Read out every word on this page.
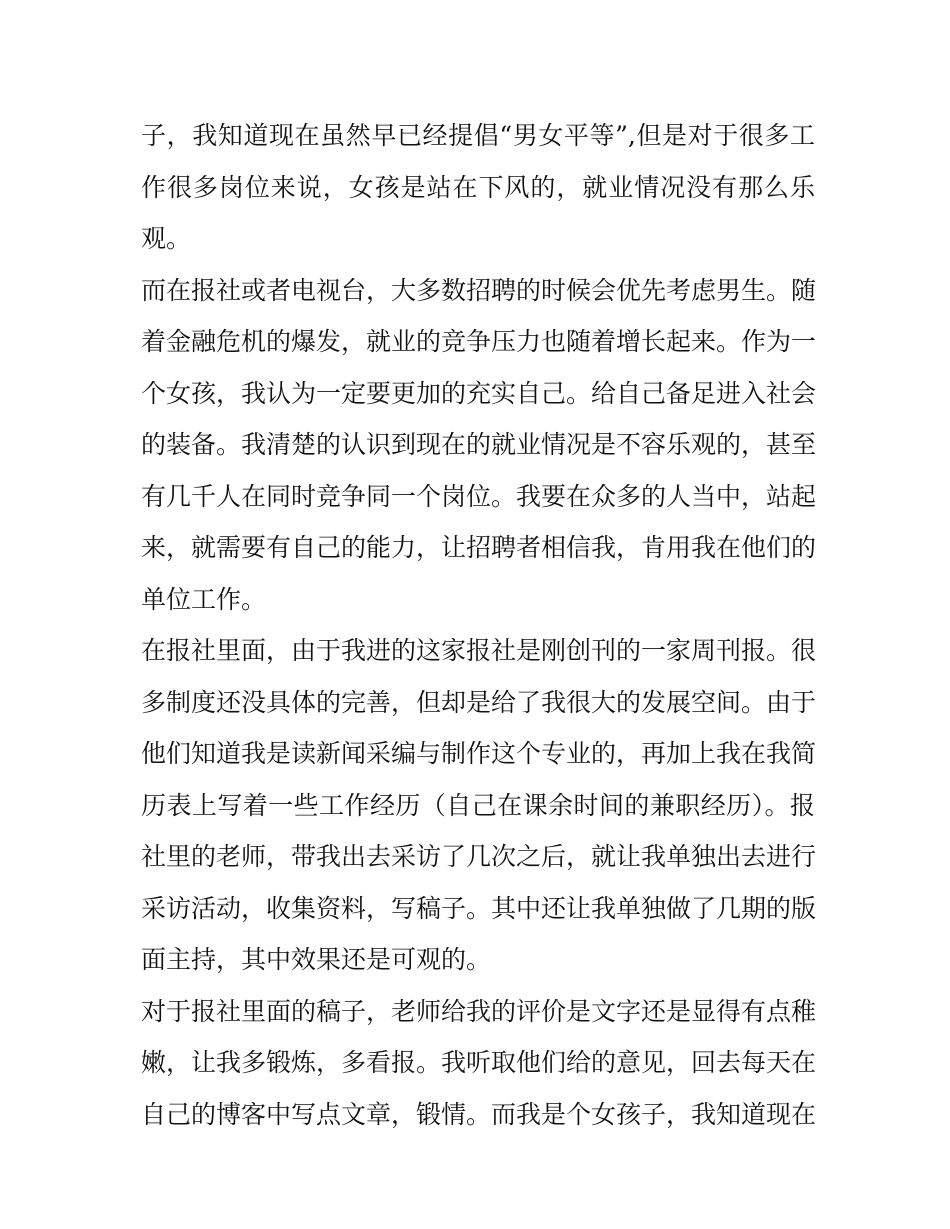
子，我知道现在虽然早已经提倡“男女平等”,但是对于很多工
作很多岗位来说，女孩是站在下风的，就业情况没有那么乐
观。
而在报社或者电视台，大多数招聘的时候会优先考虑男生。随
着金融危机的爆发，就业的竞争压力也随着增长起来。作为一
个女孩，我认为一定要更加的充实自己。给自己备足进入社会
的装备。我清楚的认识到现在的就业情况是不容乐观的，甚至
有几千人在同时竞争同一个岗位。我要在众多的人当中，站起
来，就需要有自己的能力，让招聘者相信我，肯用我在他们的
单位工作。
在报社里面，由于我进的这家报社是刚创刊的一家周刊报。很
多制度还没具体的完善，但却是给了我很大的发展空间。由于
他们知道我是读新闻采编与制作这个专业的，再加上我在我简
历表上写着一些工作经历（自己在课余时间的兼职经历）。报
社里的老师，带我出去采访了几次之后，就让我单独出去进行
采访活动，收集资料，写稿子。其中还让我单独做了几期的版
面主持，其中效果还是可观的。
对于报社里面的稿子，老师给我的评价是文字还是显得有点稚
嫩，让我多锻炼，多看报。我听取他们给的意见，回去每天在
自己的博客中写点文章，锻情。而我是个女孩子，我知道现在
